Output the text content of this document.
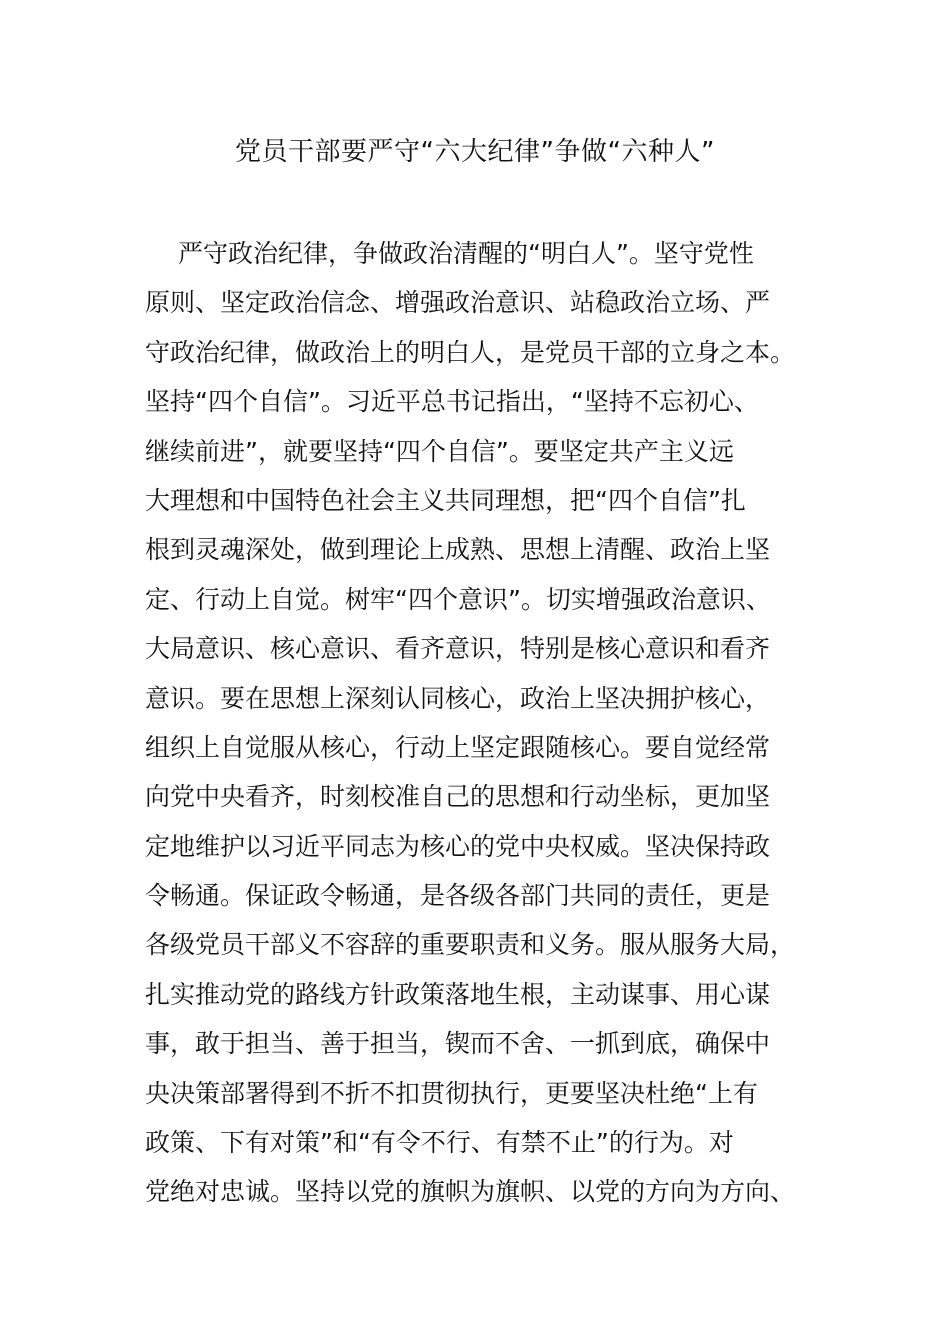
党员干部要严守“六大纪律”争做“六种人”
严守政治纪律，争做政治清醒的“明白人”。坚守党性
原则、坚定政治信念、增强政治意识、站稳政治立场、严
守政治纪律，做政治上的明白人，是党员干部的立身之本。
坚持“四个自信”。习近平总书记指出，“坚持不忘初心、
继续前进”，就要坚持“四个自信”。要坚定共产主义远
大理想和中国特色社会主义共同理想，把“四个自信”扎
根到灵魂深处，做到理论上成熟、思想上清醒、政治上坚
定、行动上自觉。树牢“四个意识”。切实增强政治意识、
大局意识、核心意识、看齐意识，特别是核心意识和看齐
意识。要在思想上深刻认同核心，政治上坚决拥护核心，
组织上自觉服从核心，行动上坚定跟随核心。要自觉经常
向党中央看齐，时刻校准自己的思想和行动坐标，更加坚
定地维护以习近平同志为核心的党中央权威。坚决保持政
令畅通。保证政令畅通，是各级各部门共同的责任，更是
各级党员干部义不容辞的重要职责和义务。服从服务大局，
扎实推动党的路线方针政策落地生根，主动谋事、用心谋
事，敢于担当、善于担当，锲而不舍、一抓到底，确保中
央决策部署得到不折不扣贯彻执行，更要坚决杜绝“上有
政策、下有对策”和“有令不行、有禁不止”的行为。对
党绝对忠诚。坚持以党的旗帜为旗帜、以党的方向为方向、
